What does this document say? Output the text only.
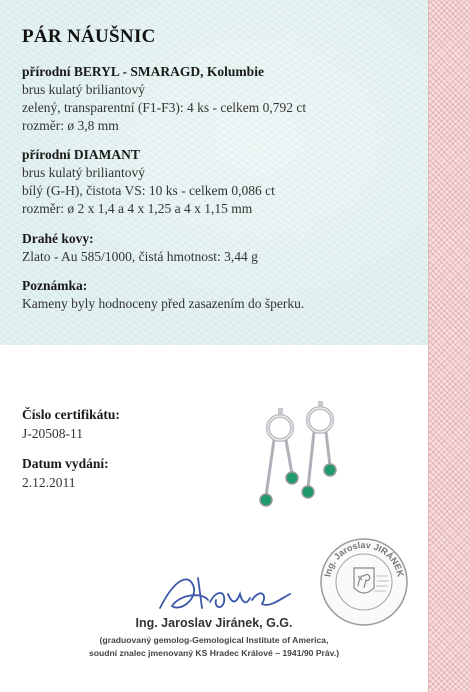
PÁR NÁUŠNIC
přírodní BERYL - SMARAGD, Kolumbie
brus kulatý briliantový
zelený, transparentní (F1-F3): 4 ks - celkem 0,792 ct
rozměr: ø 3,8 mm
přírodní DIAMANT
brus kulatý briliantový
bílý (G-H), čistota VS: 10 ks - celkem 0,086 ct
rozměr: ø 2 x 1,4 a 4 x 1,25 a 4 x 1,15 mm
Drahé kovy:
Zlato - Au 585/1000, čistá hmotnost: 3,44 g
Poznámka:
Kameny byly hodnoceny před zasazením do šperku.
Číslo certifikátu:
J-20508-11
Datum vydání:
2.12.2011
Ing. Jaroslav JIRÁNEK
Ing. Jaroslav Jiránek, G.G.
(graduovaný gemolog-Gemological Institute of America,
soudní znalec jmenovaný KS Hradec Králové – 1941/90 Práv.)
